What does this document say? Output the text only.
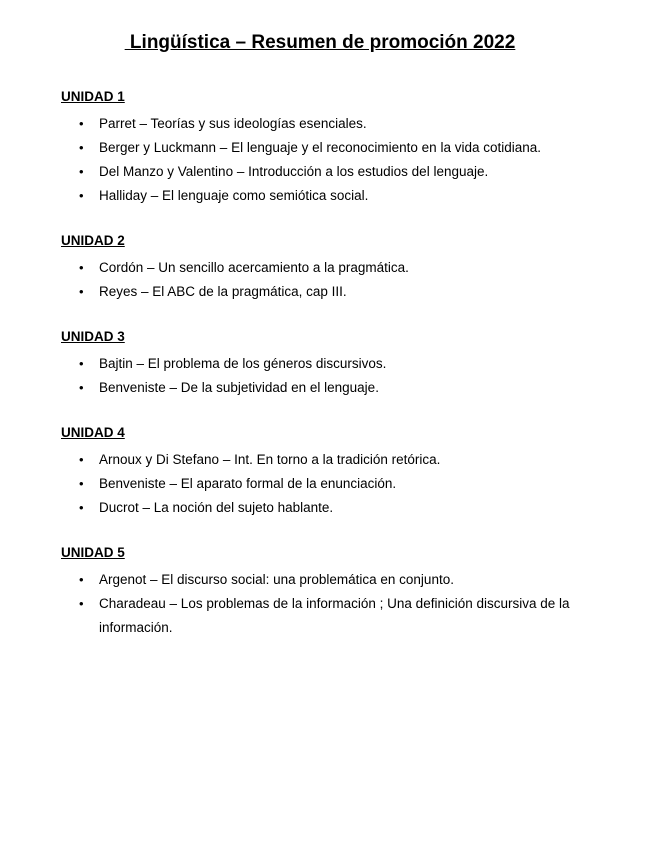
Lingüística – Resumen de promoción 2022
UNIDAD 1
• Parret – Teorías y sus ideologías esenciales.
• Berger y Luckmann – El lenguaje y el reconocimiento en la vida cotidiana.
• Del Manzo y Valentino – Introducción a los estudios del lenguaje.
• Halliday – El lenguaje como semiótica social.
UNIDAD 2
• Cordón – Un sencillo acercamiento a la pragmática.
• Reyes – El ABC de la pragmática, cap III.
UNIDAD 3
• Bajtin – El problema de los géneros discursivos.
• Benveniste – De la subjetividad en el lenguaje.
UNIDAD 4
• Arnoux y Di Stefano – Int. En torno a la tradición retórica.
• Benveniste – El aparato formal de la enunciación.
• Ducrot – La noción del sujeto hablante.
UNIDAD 5
• Argenot – El discurso social: una problemática en conjunto.
• Charadeau – Los problemas de la información ; Una definición discursiva de la información.
